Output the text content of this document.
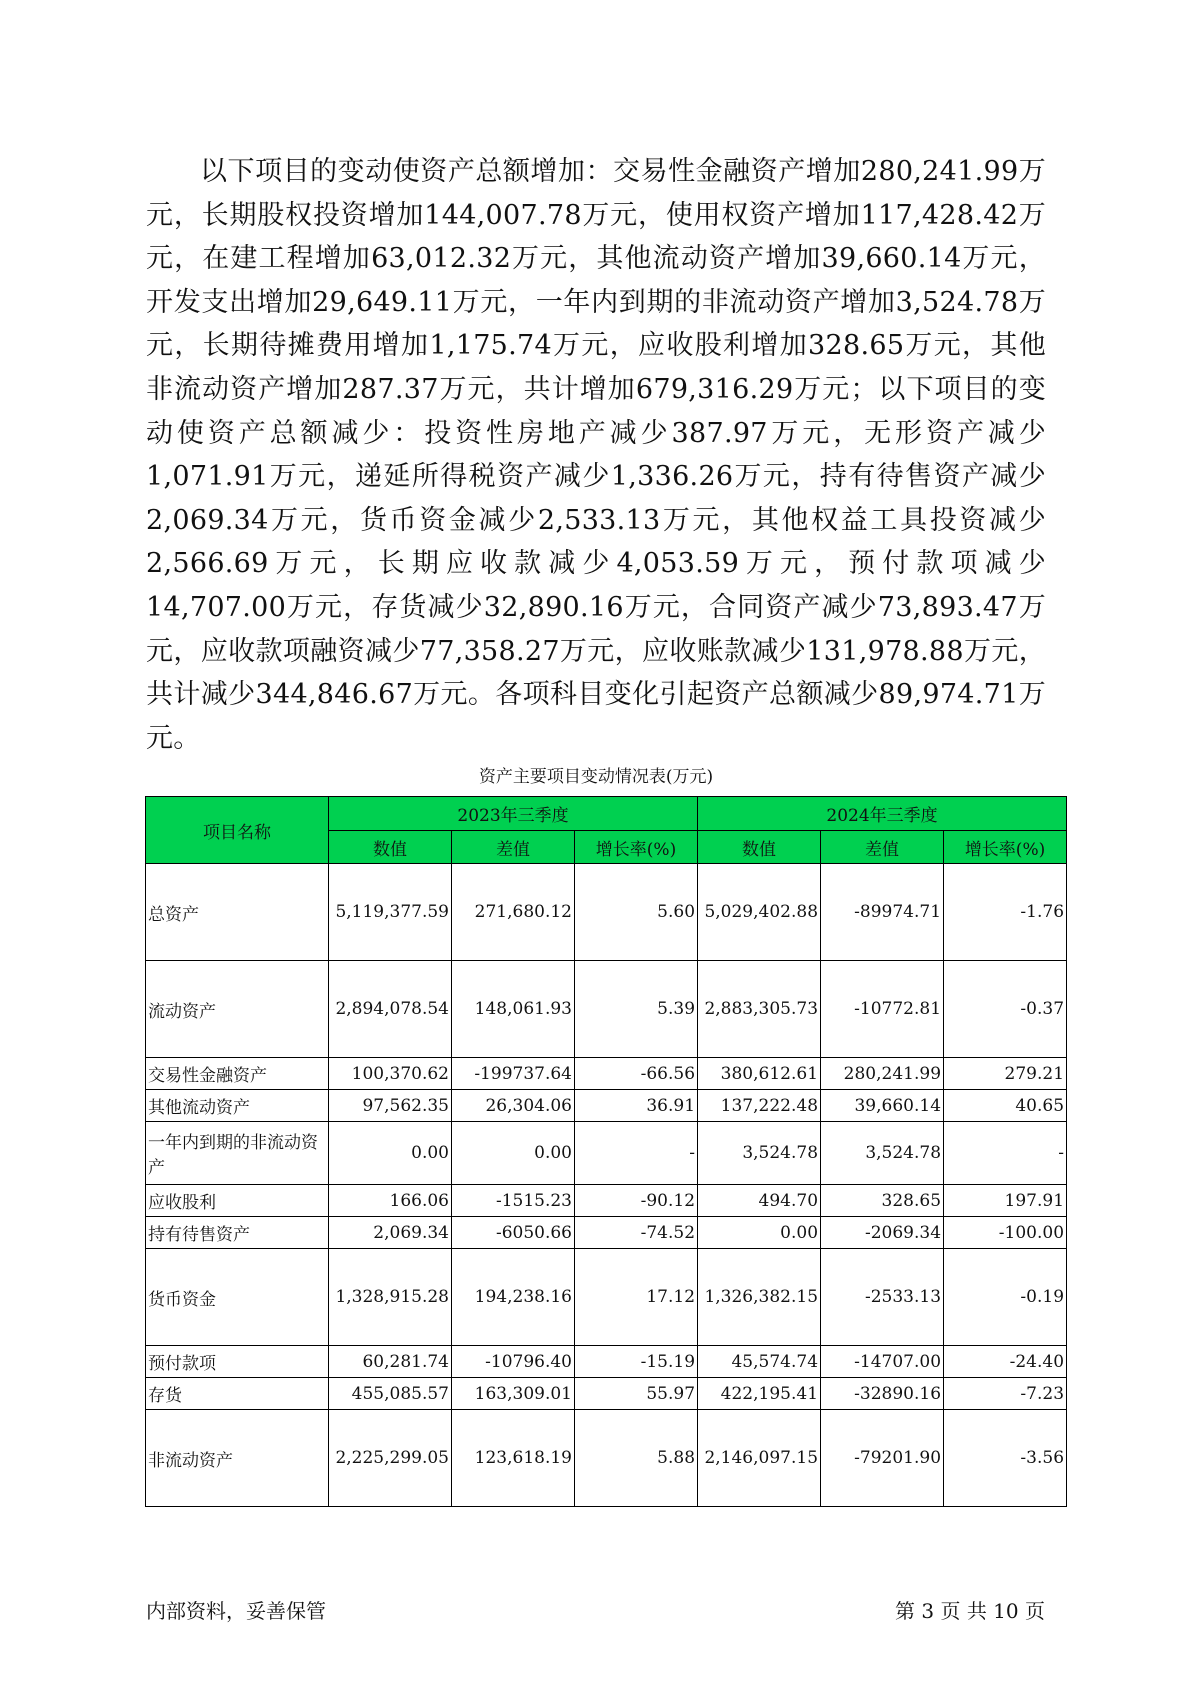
以下项目的变动使资产总额增加：交易性金融资产增加280,241.99万元，长期股权投资增加144,007.78万元，使用权资产增加117,428.42万元，在建工程增加63,012.32万元，其他流动资产增加39,660.14万元，开发支出增加29,649.11万元，一年内到期的非流动资产增加3,524.78万元，长期待摊费用增加1,175.74万元，应收股利增加328.65万元，其他非流动资产增加287.37万元，共计增加679,316.29万元；以下项目的变动使资产总额减少：投资性房地产减少387.97万元，无形资产减少1,071.91万元，递延所得税资产减少1,336.26万元，持有待售资产减少2,069.34万元，货币资金减少2,533.13万元，其他权益工具投资减少2,566.69万元，长期应收款减少4,053.59万元，预付款项减少14,707.00万元，存货减少32,890.16万元，合同资产减少73,893.47万元，应收款项融资减少77,358.27万元，应收账款减少131,978.88万元，共计减少344,846.67万元。各项科目变化引起资产总额减少89,974.71万元。

资产主要项目变动情况表(万元)
项目名称	2023年三季度			2024年三季度		
	数值	差值	增长率(%)	数值	差值	增长率(%)
总资产	5,119,377.59	271,680.12	5.60	5,029,402.88	-89974.71	-1.76
流动资产	2,894,078.54	148,061.93	5.39	2,883,305.73	-10772.81	-0.37
交易性金融资产	100,370.62	-199737.64	-66.56	380,612.61	280,241.99	279.21
其他流动资产	97,562.35	26,304.06	36.91	137,222.48	39,660.14	40.65
一年内到期的非流动资产	0.00	0.00	-	3,524.78	3,524.78	-
应收股利	166.06	-1515.23	-90.12	494.70	328.65	197.91
持有待售资产	2,069.34	-6050.66	-74.52	0.00	-2069.34	-100.00
货币资金	1,328,915.28	194,238.16	17.12	1,326,382.15	-2533.13	-0.19
预付款项	60,281.74	-10796.40	-15.19	45,574.74	-14707.00	-24.40
存货	455,085.57	163,309.01	55.97	422,195.41	-32890.16	-7.23
非流动资产	2,225,299.05	123,618.19	5.88	2,146,097.15	-79201.90	-3.56
内部资料，妥善保管	第 3 页 共 10 页
